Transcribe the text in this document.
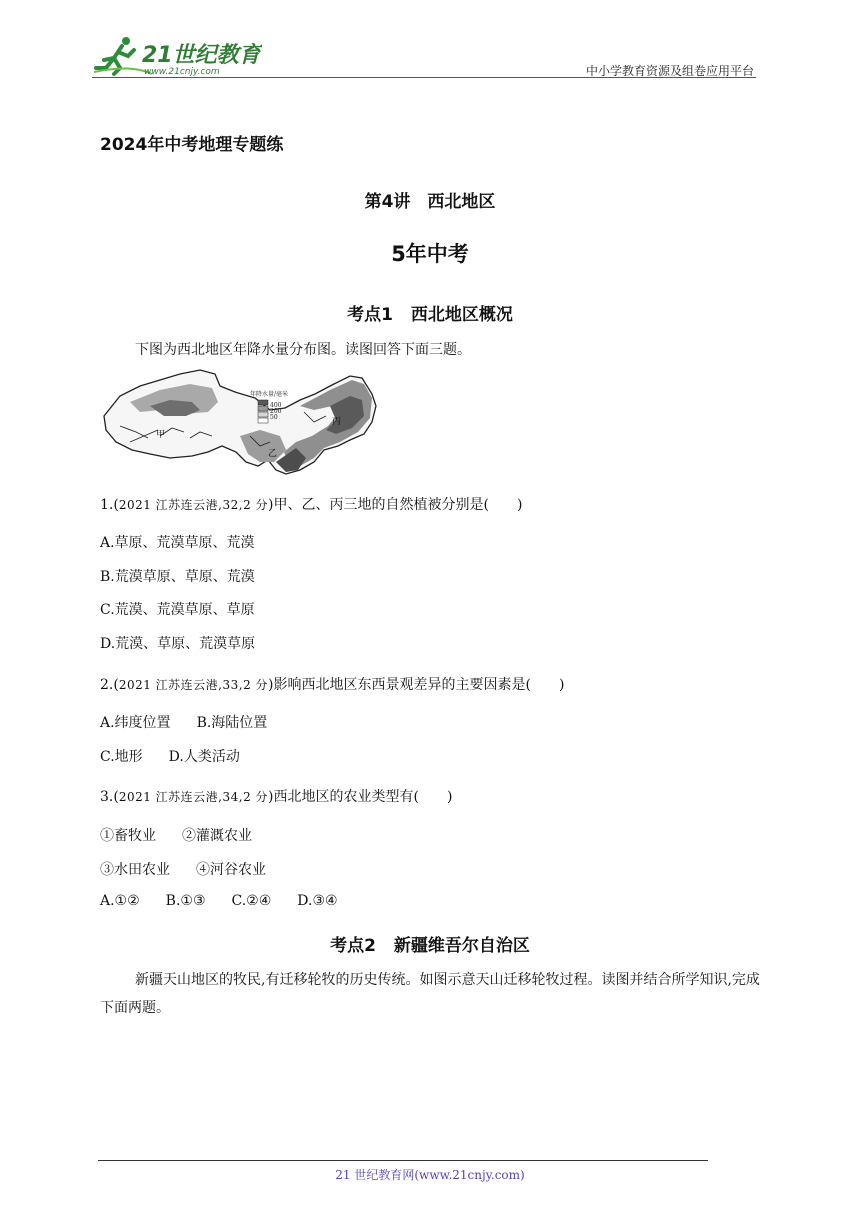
21世纪教育
www.21cnjy.com	中小学教育资源及组卷应用平台
2024年中考地理专题练
第4讲　西北地区
5年中考
考点1 西北地区概况
下图为西北地区年降水量分布图。读图回答下面三题。
甲
乙
丙
年降水量/毫米
400
200
50
1.(2021 江苏连云港,32,2 分)甲、乙、丙三地的自然植被分别是(　　)
A.草原、荒漠草原、荒漠
B.荒漠草原、草原、荒漠
C.荒漠、荒漠草原、草原
D.荒漠、草原、荒漠草原
2.(2021 江苏连云港,33,2 分)影响西北地区东西景观差异的主要因素是(　　)
A.纬度位置 B.海陆位置
C.地形 D.人类活动
3.(2021 江苏连云港,34,2 分)西北地区的农业类型有(　　)
①畜牧业 ②灌溉农业
③水田农业 ④河谷农业
A.①② B.①③ C.②④ D.③④
考点2 新疆维吾尔自治区
新疆天山地区的牧民,有迁移轮牧的历史传统。如图示意天山迁移轮牧过程。读图并结合所学知识,完成下面两题。
21 世纪教育网(www.21cnjy.com)
